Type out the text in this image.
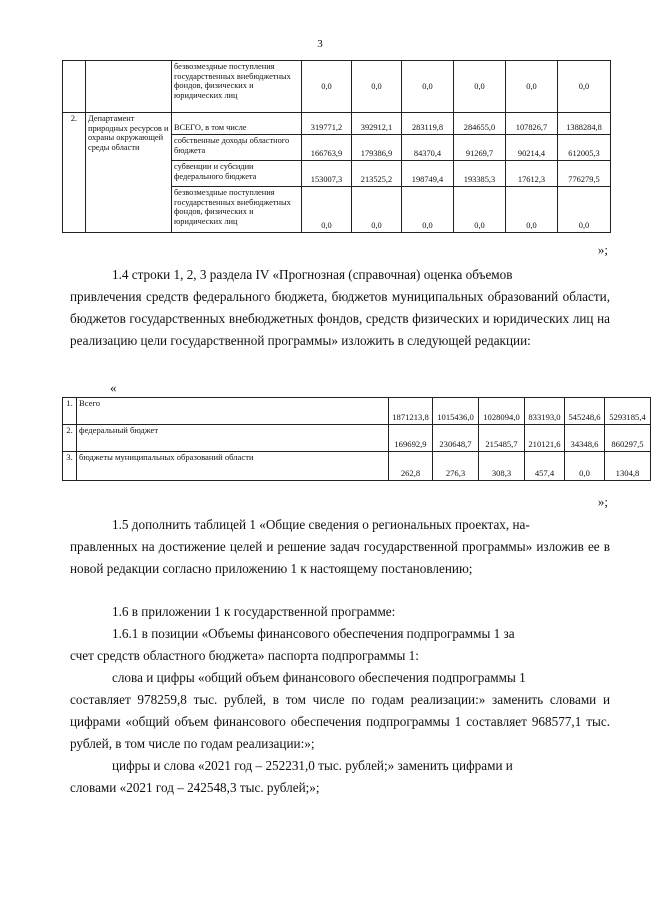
3
		безвозмездные поступления государственных внебюджетных фондов, физических и юридических лиц	0,0	0,0	0,0	0,0	0,0	0,0
2.	Департамент природных ресурсов и охраны окружающей среды области	ВСЕГО, в том числе	319771,2	392912,1	283119,8	284655,0	107826,7	1388284,8
		собственные доходы областного бюджета	166763,9	179386,9	84370,4	91269,7	90214,4	612005,3
		субвенции и субсидии федерального бюджета	153007,3	213525,2	198749,4	193385,3	17612,3	776279,5
		безвозмездные поступления государственных внебюджетных фондов, физических и юридических лиц	0,0	0,0	0,0	0,0	0,0	0,0
»;
1.4 строки 1, 2, 3 раздела IV «Прогнозная (справочная) оценка объемов
привлечения средств федерального бюджета, бюджетов муниципальных образований области, бюджетов государственных внебюджетных фондов, средств физических и юридических лиц на реализацию цели государственной программы» изложить в следующей редакции:
«
1.	Всего	1871213,8	1015436,0	1028094,0	833193,0	545248,6	5293185,4
2.	федеральный бюджет	169692,9	230648,7	215485,7	210121,6	34348,6	860297,5
3.	бюджеты муниципальных образований области	262,8	276,3	308,3	457,4	0,0	1304,8
»;
1.5 дополнить таблицей 1 «Общие сведения о региональных проектах, на-
правленных на достижение целей и решение задач государственной программы» изложив ее в новой редакции согласно приложению 1 к настоящему постановлению;
1.6 в приложении 1 к государственной программе:
1.6.1 в позиции «Объемы финансового обеспечения подпрограммы 1 за
счет средств областного бюджета» паспорта подпрограммы 1:
слова и цифры «общий объем финансового обеспечения подпрограммы 1
составляет 978259,8 тыс. рублей, в том числе по годам реализации:» заменить словами и цифрами «общий объем финансового обеспечения подпрограммы 1 составляет 968577,1 тыс. рублей, в том числе по годам реализации:»;
цифры и слова «2021 год – 252231,0 тыс. рублей;» заменить цифрами и
словами «2021 год – 242548,3 тыс. рублей;»;
